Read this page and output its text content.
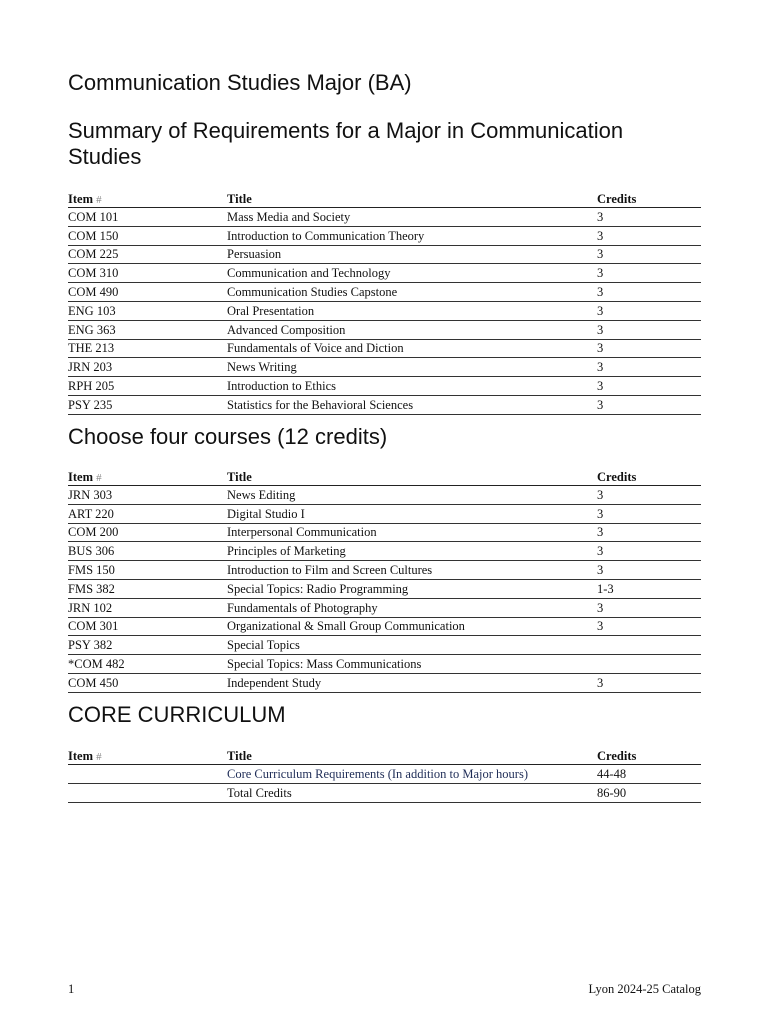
Communication Studies Major (BA)
Summary of Requirements for a Major in Communication Studies
Item #	Title	Credits
COM 101	Mass Media and Society	3
COM 150	Introduction to Communication Theory	3
COM 225	Persuasion	3
COM 310	Communication and Technology	3
COM 490	Communication Studies Capstone	3
ENG 103	Oral Presentation	3
ENG 363	Advanced Composition	3
THE 213	Fundamentals of Voice and Diction	3
JRN 203	News Writing	3
RPH 205	Introduction to Ethics	3
PSY 235	Statistics for the Behavioral Sciences	3
Choose four courses (12 credits)
Item #	Title	Credits
JRN 303	News Editing	3
ART 220	Digital Studio I	3
COM 200	Interpersonal Communication	3
BUS 306	Principles of Marketing	3
FMS 150	Introduction to Film and Screen Cultures	3
FMS 382	Special Topics: Radio Programming	1-3
JRN 102	Fundamentals of Photography	3
COM 301	Organizational & Small Group Communication	3
PSY 382	Special Topics	
*COM 482	Special Topics: Mass Communications	
COM 450	Independent Study	3
CORE CURRICULUM
Item #	Title	Credits
	Core Curriculum Requirements (In addition to Major hours)	44-48
	Total Credits	86-90
1	Lyon 2024-25 Catalog
